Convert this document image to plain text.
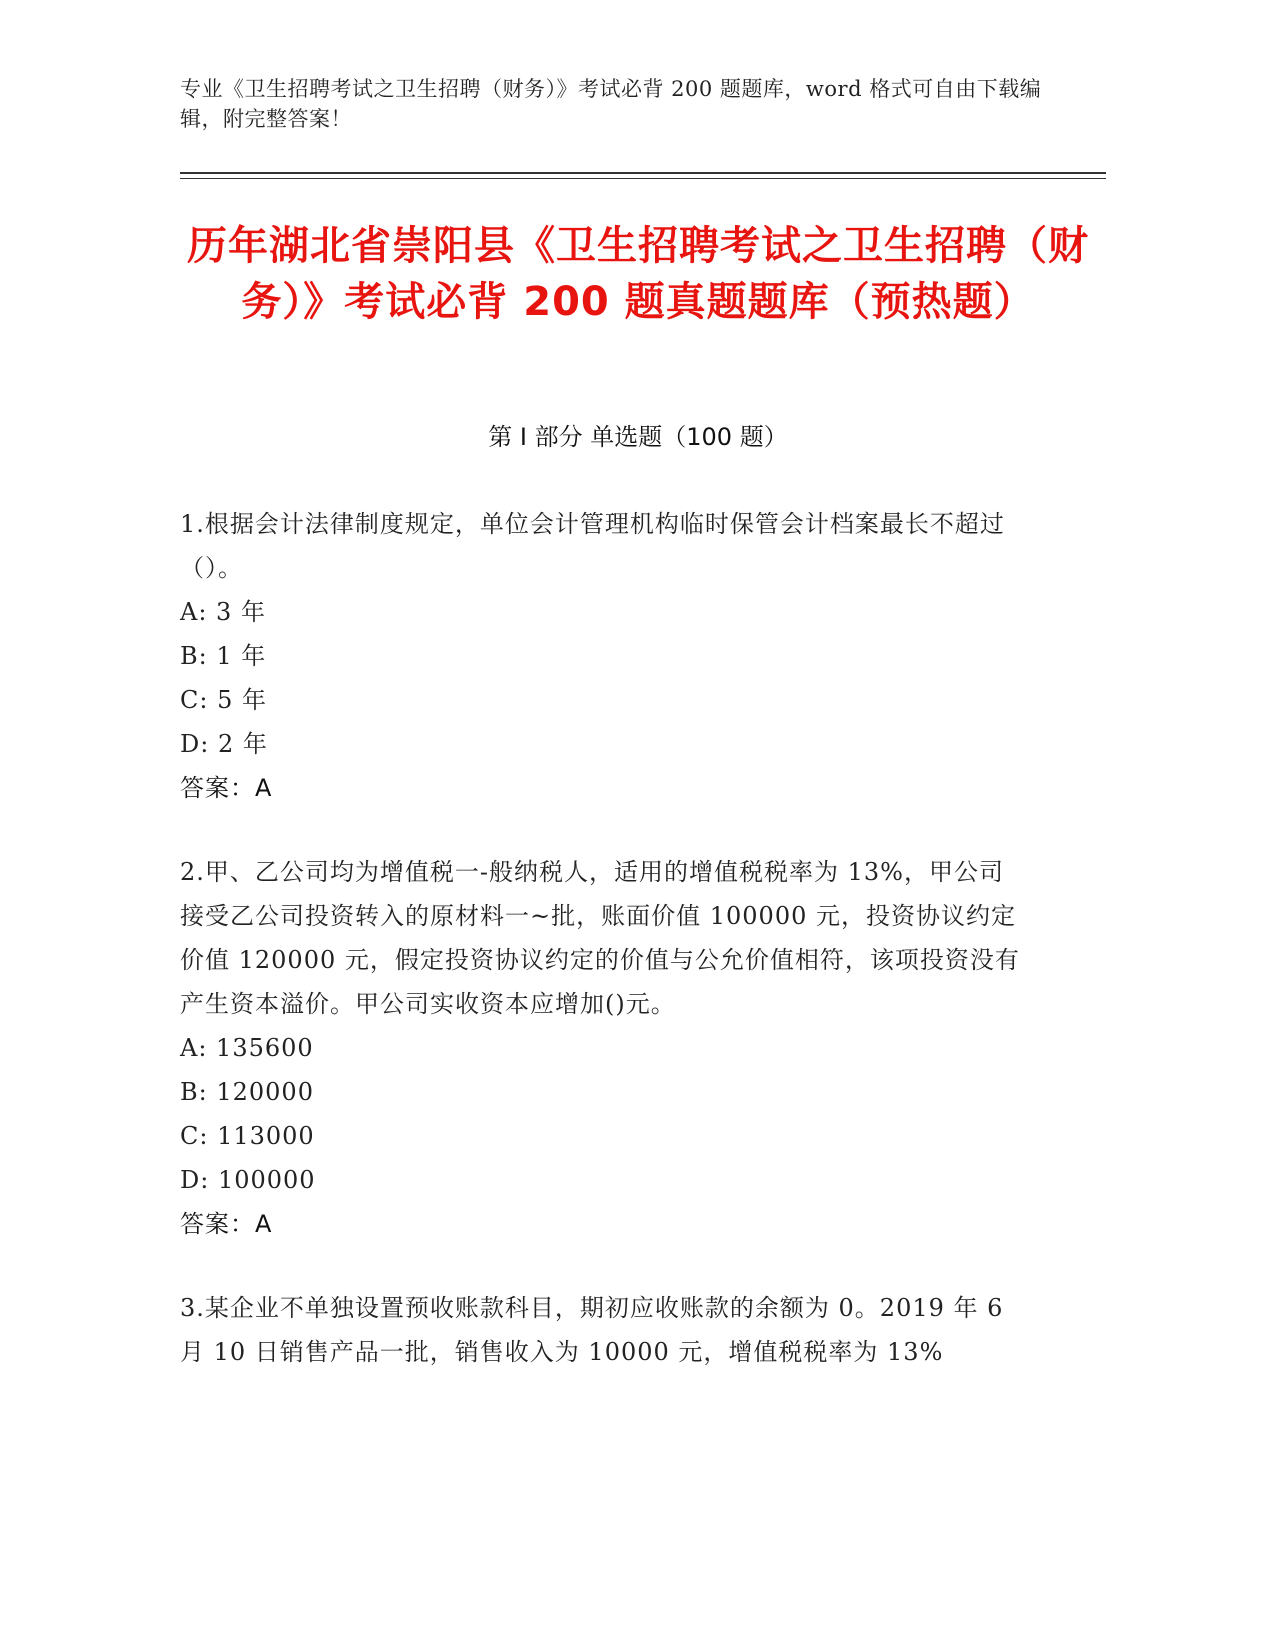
专业《卫生招聘考试之卫生招聘（财务）》考试必背 200 题题库，word 格式可自由下载编辑，附完整答案！
历年湖北省崇阳县《卫生招聘考试之卫生招聘（财务）》考试必背 200 题真题题库（预热题）
第 I 部分 单选题（100 题）

1.根据会计法律制度规定，单位会计管理机构临时保管会计档案最长不超过（）。

A: 3 年

B: 1 年

C: 5 年

D: 2 年

答案：A

2.甲、乙公司均为增值税一-般纳税人，适用的增值税税率为 13%，甲公司接受乙公司投资转入的原材料一~批，账面价值 100000 元，投资协议约定价值 120000 元，假定投资协议约定的价值与公允价值相符，该项投资没有产生资本溢价。甲公司实收资本应增加()元。

A: 135600

B: 120000

C: 113000

D: 100000

答案：A

3.某企业不单独设置预收账款科目，期初应收账款的余额为 0。2019 年 6 月 10 日销售产品一批，销售收入为 10000 元，增值税税率为 13%
